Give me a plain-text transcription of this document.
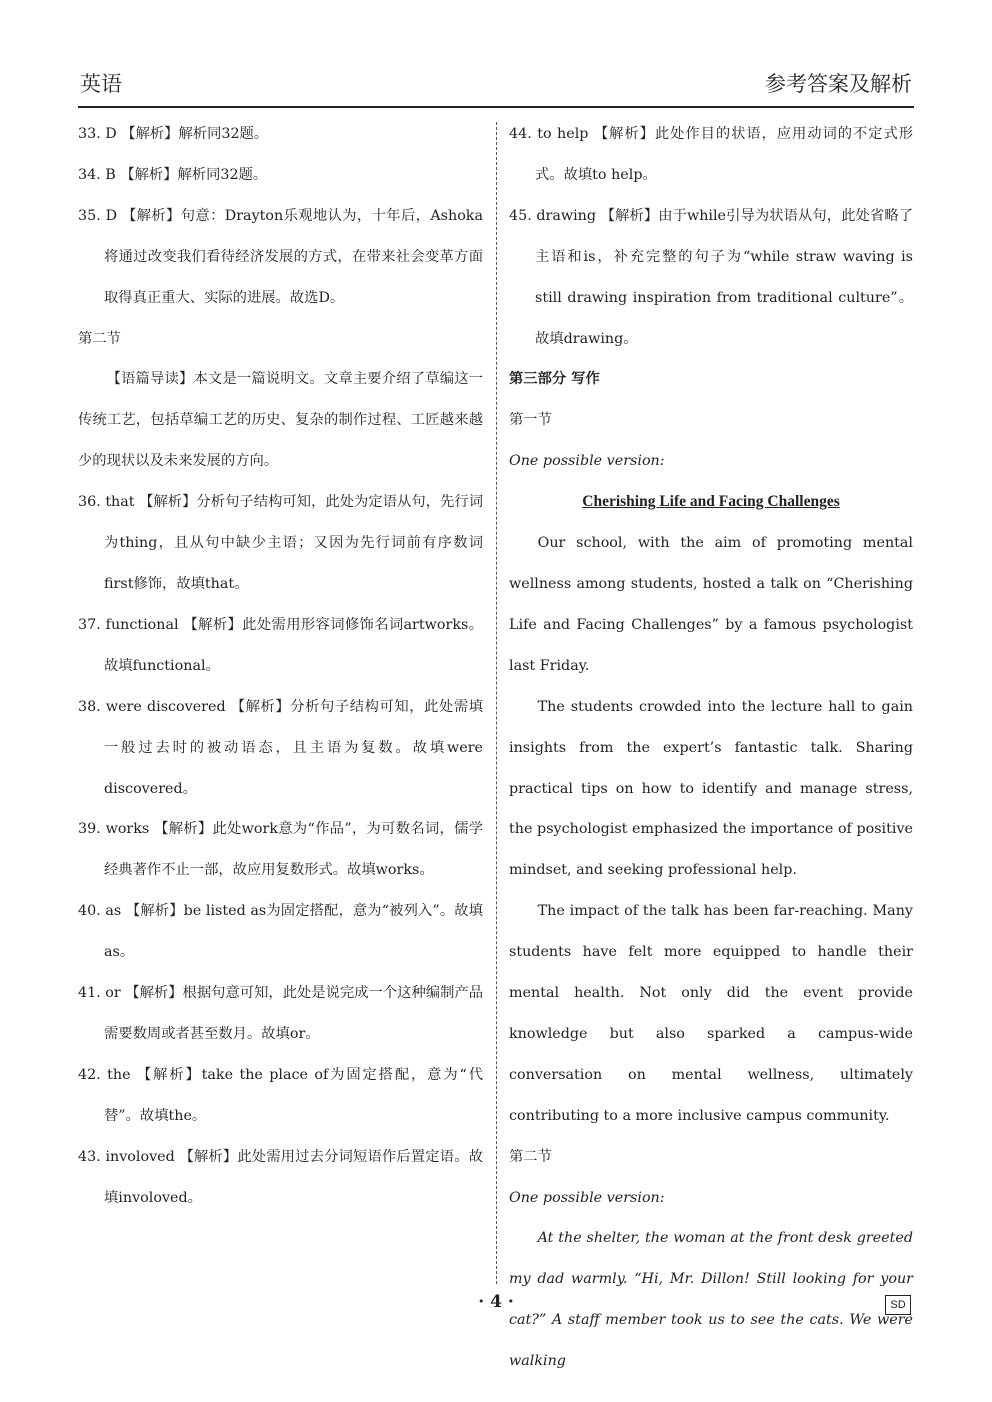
英语	参考答案及解析
33. D 【解析】解析同32题。
34. B 【解析】解析同32题。
35. D 【解析】句意：Drayton乐观地认为，十年后，Ashoka将通过改变我们看待经济发展的方式，在带来社会变革方面取得真正重大、实际的进展。故选D。
第二节
【语篇导读】本文是一篇说明文。文章主要介绍了草编这一传统工艺，包括草编工艺的历史、复杂的制作过程、工匠越来越少的现状以及未来发展的方向。
36. that 【解析】分析句子结构可知，此处为定语从句，先行词为thing，且从句中缺少主语；又因为先行词前有序数词first修饰，故填that。
37. functional 【解析】此处需用形容词修饰名词artworks。故填functional。
38. were discovered 【解析】分析句子结构可知，此处需填一般过去时的被动语态，且主语为复数。故填were discovered。
39. works 【解析】此处work意为“作品”，为可数名词，儒学经典著作不止一部，故应用复数形式。故填works。
40. as 【解析】be listed as为固定搭配，意为“被列入”。故填as。
41. or 【解析】根据句意可知，此处是说完成一个这种编制产品需要数周或者甚至数月。故填or。
42. the 【解析】take the place of为固定搭配，意为“代替”。故填the。
43. involoved 【解析】此处需用过去分词短语作后置定语。故填involoved。
44. to help 【解析】此处作目的状语，应用动词的不定式形式。故填to help。
45. drawing 【解析】由于while引导为状语从句，此处省略了主语和is，补充完整的句子为“while straw waving is still drawing inspiration from traditional culture”。故填drawing。
第三部分 写作
第一节
One possible version:
Cherishing Life and Facing Challenges
Our school, with the aim of promoting mental wellness among students, hosted a talk on “Cherishing Life and Facing Challenges” by a famous psychologist last Friday.
The students crowded into the lecture hall to gain insights from the expert’s fantastic talk. Sharing practical tips on how to identify and manage stress, the psychologist emphasized the importance of positive mindset, and seeking professional help.
The impact of the talk has been far-reaching. Many students have felt more equipped to handle their mental health. Not only did the event provide knowledge but also sparked a campus-wide conversation on mental wellness, ultimately contributing to a more inclusive campus community.
第二节
One possible version:
At the shelter, the woman at the front desk greeted my dad warmly. “Hi, Mr. Dillon! Still looking for your cat?” A staff member took us to see the cats. We were walking
· 4 ·	SD
